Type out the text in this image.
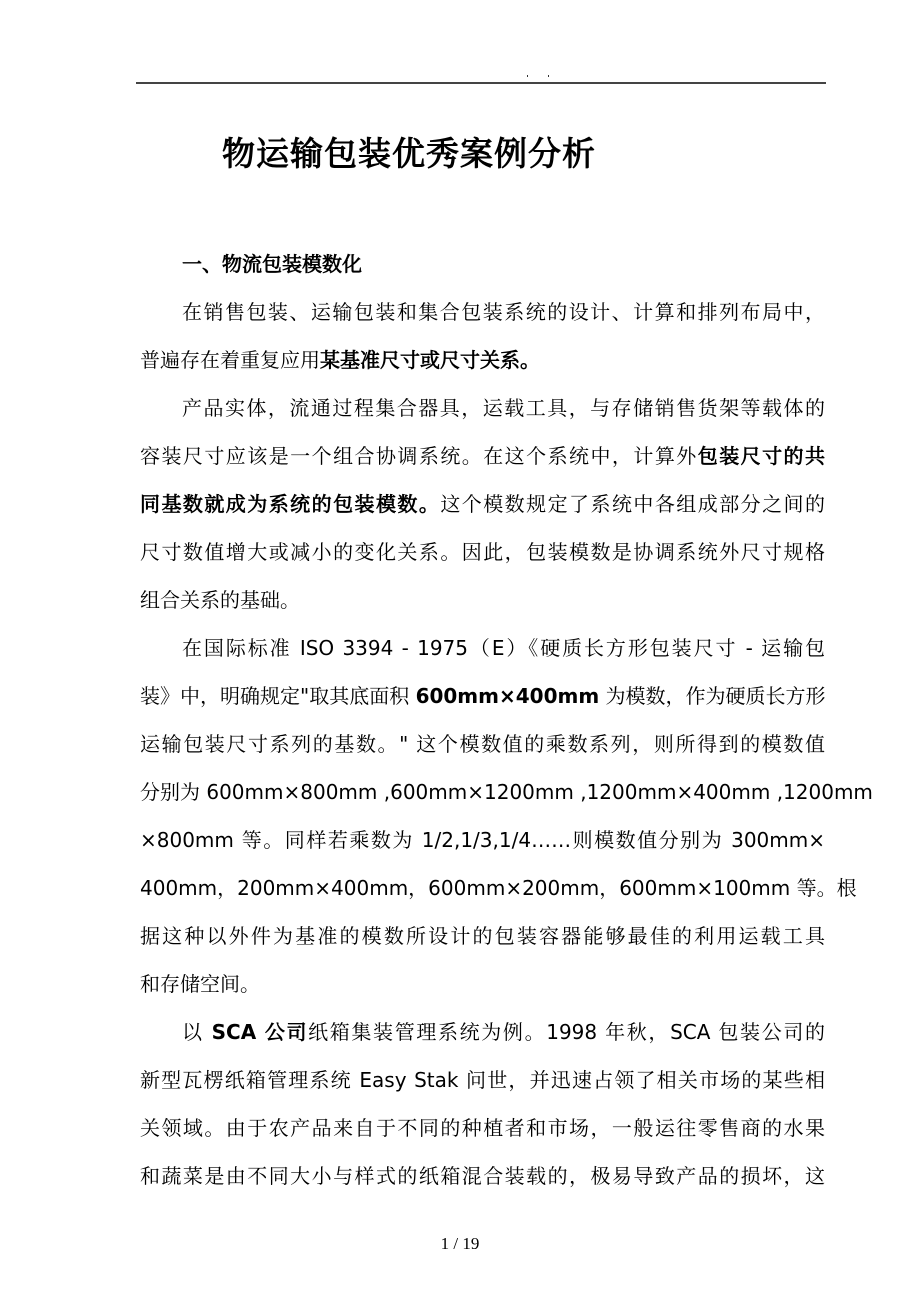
物运输包装优秀案例分析
一、物流包装模数化
在销售包装、运输包装和集合包装系统的设计、计算和排列布局中，
普遍存在着重复应用某基准尺寸或尺寸关系。
产品实体，流通过程集合器具，运载工具，与存储销售货架等载体的
容装尺寸应该是一个组合协调系统。在这个系统中，计算外包装尺寸的共
同基数就成为系统的包装模数。这个模数规定了系统中各组成部分之间的
尺寸数值增大或减小的变化关系。因此，包装模数是协调系统外尺寸规格
组合关系的基础。
在国际标准 ISO 3394 - 1975（E）《硬质长方形包装尺寸 - 运输包
装》中，明确规定"取其底面积 600mm×400mm 为模数，作为硬质长方形
运输包装尺寸系列的基数。" 这个模数值的乘数系列，则所得到的模数值
分别为 600mm×800mm ,600mm×1200mm ,1200mm×400mm ,1200mm
×800mm 等。同样若乘数为 1/2,1/3,1/4……则模数值分别为 300mm×
400mm，200mm×400mm，600mm×200mm，600mm×100mm 等。根
据这种以外件为基准的模数所设计的包装容器能够最佳的利用运载工具
和存储空间。
以 SCA 公司纸箱集装管理系统为例。1998 年秋，SCA 包装公司的
新型瓦楞纸箱管理系统 Easy Stak 问世，并迅速占领了相关市场的某些相
关领域。由于农产品来自于不同的种植者和市场，一般运往零售商的水果
和蔬菜是由不同大小与样式的纸箱混合装载的，极易导致产品的损坏，这
1 / 19
